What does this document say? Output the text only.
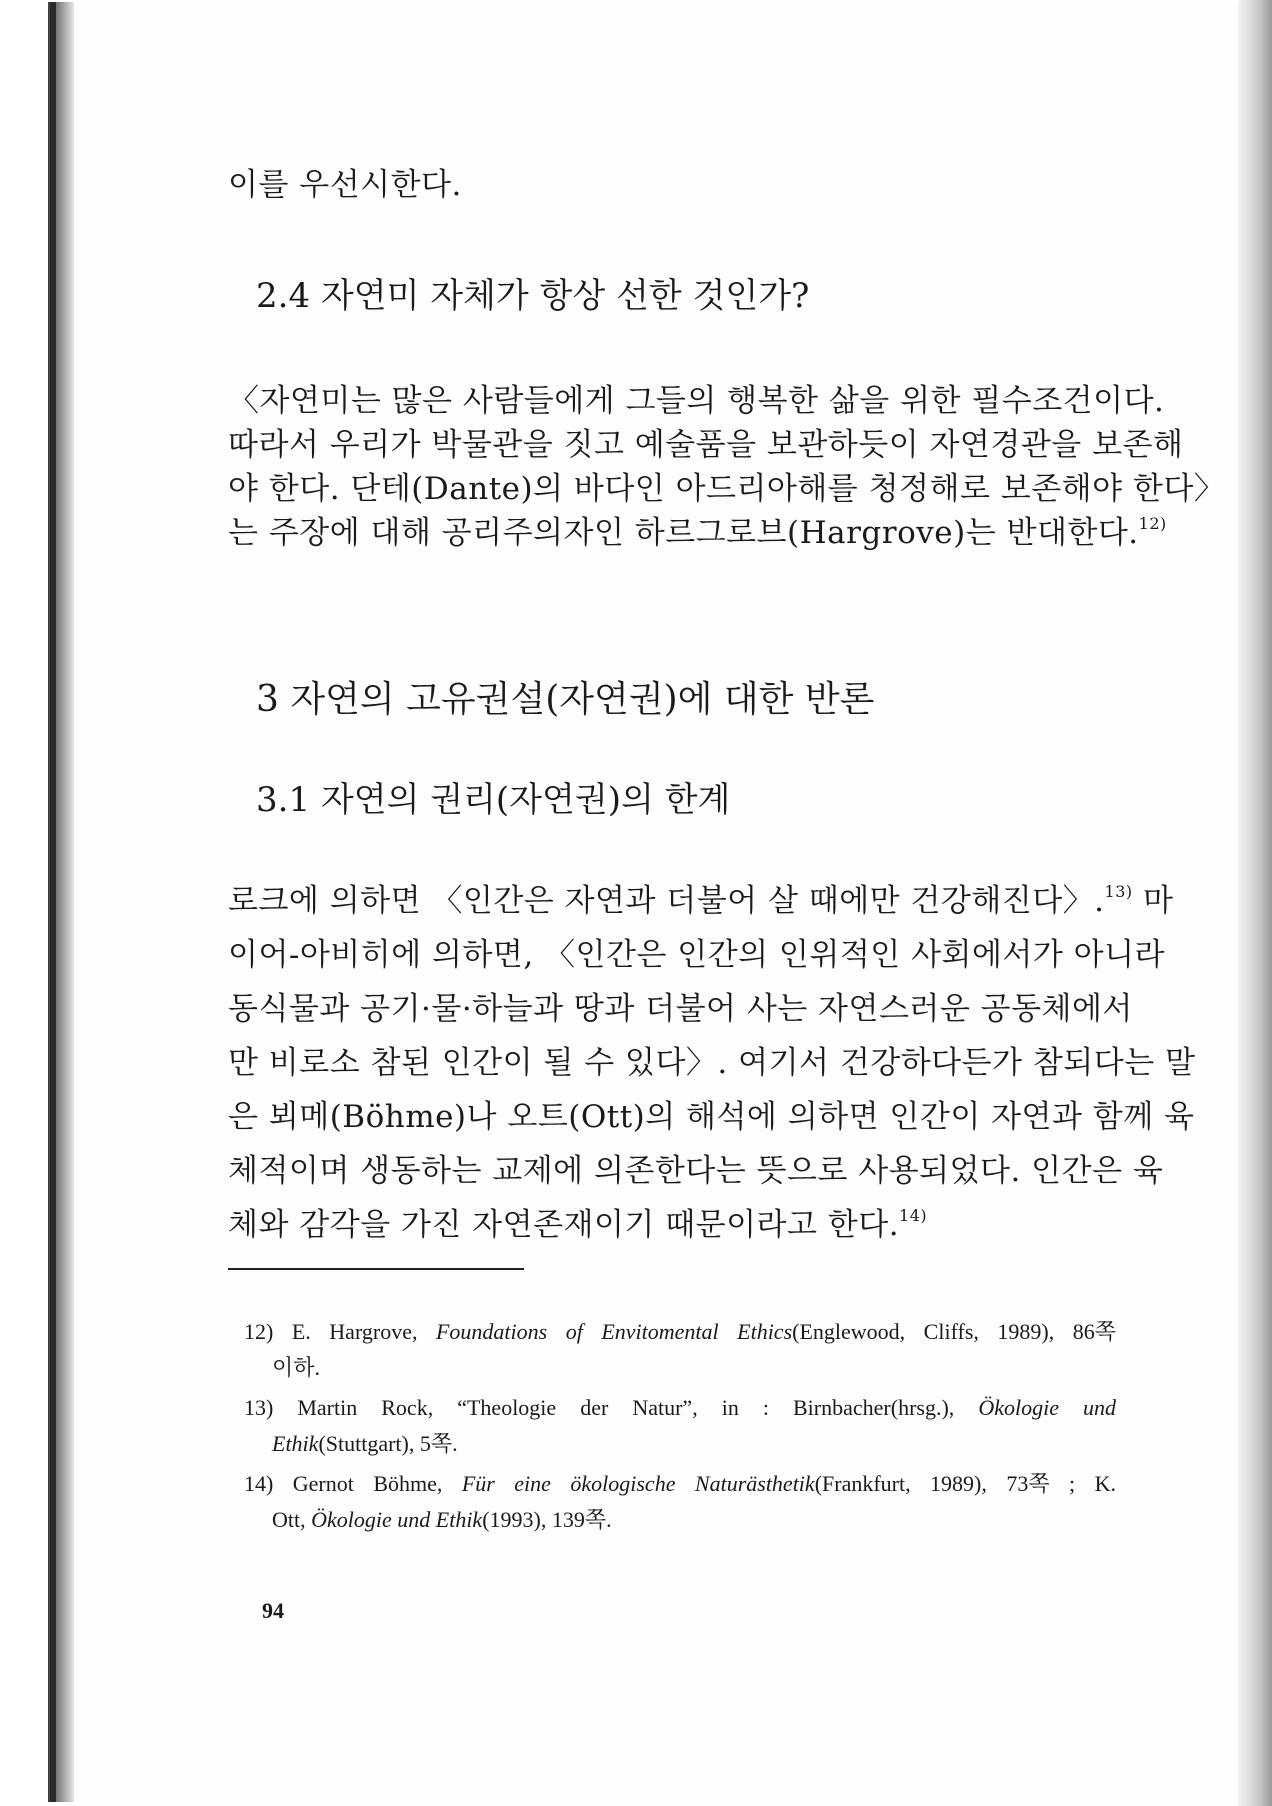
이를 우선시한다.
2.4 자연미 자체가 항상 선한 것인가?
〈자연미는 많은 사람들에게 그들의 행복한 삶을 위한 필수조건이다.
따라서 우리가 박물관을 짓고 예술품을 보관하듯이 자연경관을 보존해
야 한다. 단테(Dante)의 바다인 아드리아해를 청정해로 보존해야 한다〉
는 주장에 대해 공리주의자인 하르그로브(Hargrove)는 반대한다.$^{12)}$
3 자연의 고유권설(자연권)에 대한 반론
3.1 자연의 권리(자연권)의 한계
로크에 의하면 〈인간은 자연과 더불어 살 때에만 건강해진다〉.$^{13)}$ 마
이어-아비히에 의하면, 〈인간은 인간의 인위적인 사회에서가 아니라
동식물과 공기·물·하늘과 땅과 더불어 사는 자연스러운 공동체에서
만 비로소 참된 인간이 될 수 있다〉. 여기서 건강하다든가 참되다는 말
은 뵈메(Böhme)나 오트(Ott)의 해석에 의하면 인간이 자연과 함께 육
체적이며 생동하는 교제에 의존한다는 뜻으로 사용되었다. 인간은 육
체와 감각을 가진 자연존재이기 때문이라고 한다.$^{14)}$
12) E. Hargrove, Foundations of Envitomental Ethics(Englewood, Cliffs, 1989), 86쪽
이하.
13) Martin Rock, “Theologie der Natur”, in : Birnbacher(hrsg.), Ökologie und
Ethik(Stuttgart), 5쪽.
14) Gernot Böhme, Für eine ökologische Naturästhetik(Frankfurt, 1989), 73쪽 ; K.
Ott, Ökologie und Ethik(1993), 139쪽.
94
